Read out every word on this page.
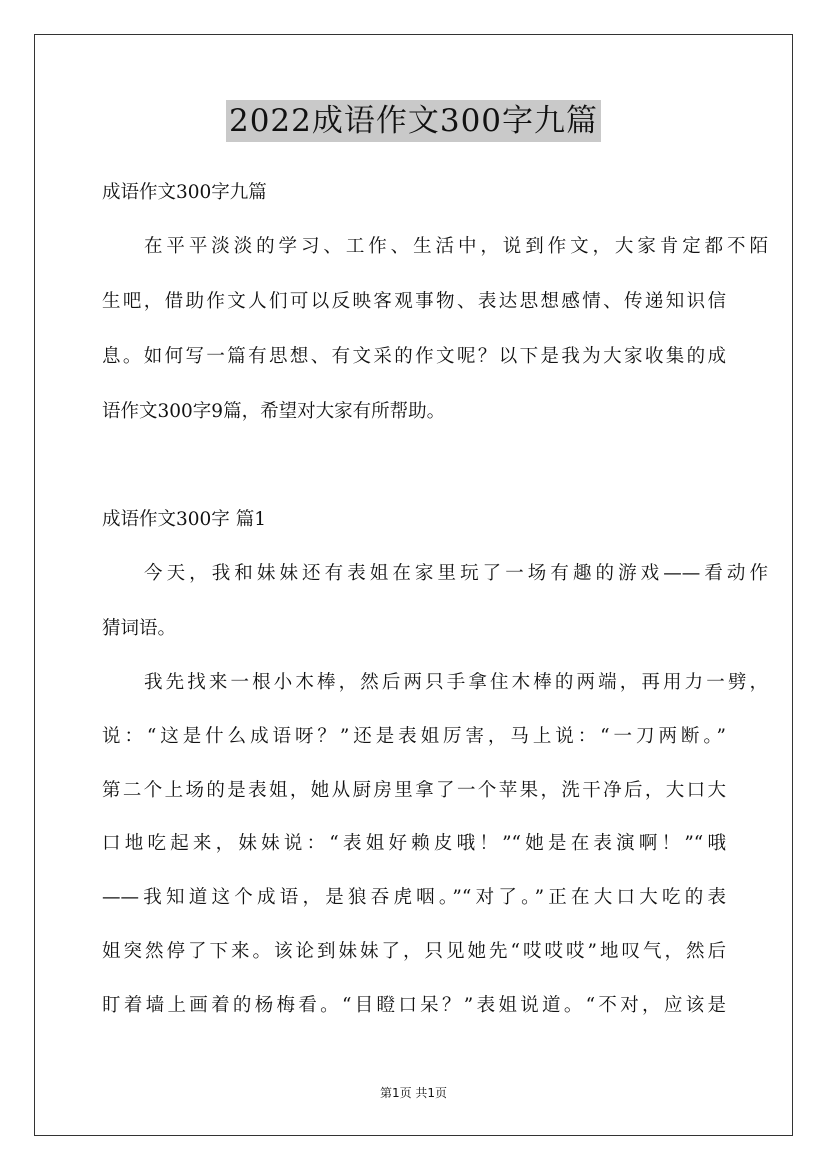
2022成语作文300字九篇
成语作文300字九篇
在平平淡淡的学习、工作、生活中，说到作文，大家肯定都不陌
生吧，借助作文人们可以反映客观事物、表达思想感情、传递知识信
息。如何写一篇有思想、有文采的作文呢？以下是我为大家收集的成
语作文300字9篇，希望对大家有所帮助。
成语作文300字 篇1
今天，我和妹妹还有表姐在家里玩了一场有趣的游戏——看动作
猜词语。
我先找来一根小木棒，然后两只手拿住木棒的两端，再用力一劈，
说：“这是什么成语呀？”还是表姐厉害，马上说：“一刀两断。”
第二个上场的是表姐，她从厨房里拿了一个苹果，洗干净后，大口大
口地吃起来，妹妹说：“表姐好赖皮哦！”“她是在表演啊！”“哦
——我知道这个成语，是狼吞虎咽。”“对了。”正在大口大吃的表
姐突然停了下来。该论到妹妹了，只见她先“哎哎哎”地叹气，然后
盯着墙上画着的杨梅看。“目瞪口呆？”表姐说道。“不对，应该是
第1页 共1页
